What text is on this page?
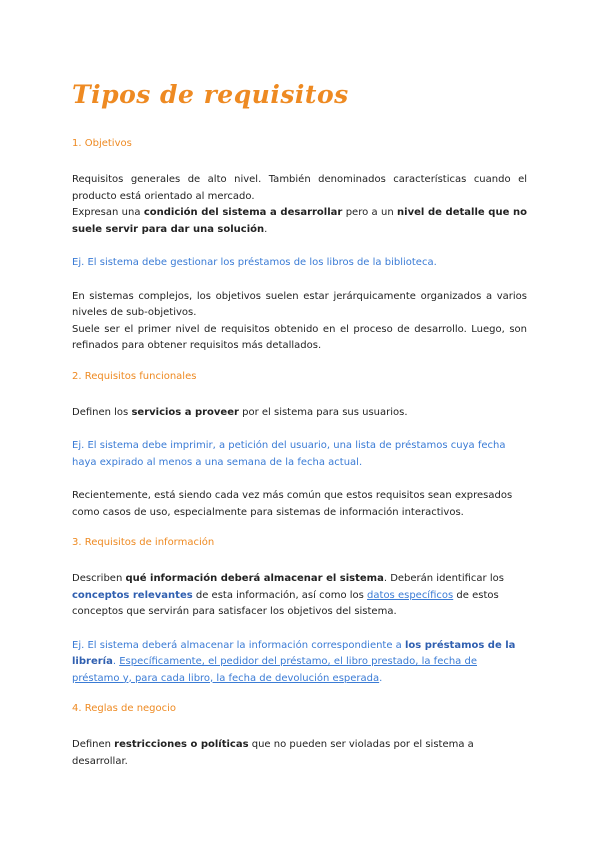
Tipos de requisitos
1. Objetivos

Requisitos generales de alto nivel. También denominados características cuando el producto está orientado al mercado.

Expresan una condición del sistema a desarrollar pero a un nivel de detalle que no suele servir para dar una solución.

Ej. El sistema debe gestionar los préstamos de los libros de la biblioteca.

En sistemas complejos, los objetivos suelen estar jerárquicamente organizados a varios niveles de sub-objetivos.

Suele ser el primer nivel de requisitos obtenido en el proceso de desarrollo. Luego, son refinados para obtener requisitos más detallados.

2. Requisitos funcionales

Definen los servicios a proveer por el sistema para sus usuarios.

Ej. El sistema debe imprimir, a petición del usuario, una lista de préstamos cuya fecha haya expirado al menos a una semana de la fecha actual.

Recientemente, está siendo cada vez más común que estos requisitos sean expresados como casos de uso, especialmente para sistemas de información interactivos.

3. Requisitos de información

Describen qué información deberá almacenar el sistema. Deberán identificar los conceptos relevantes de esta información, así como los datos específicos de estos conceptos que servirán para satisfacer los objetivos del sistema.

Ej. El sistema deberá almacenar la información correspondiente a los préstamos de la librería. Específicamente, el pedidor del préstamo, el libro prestado, la fecha de préstamo y, para cada libro, la fecha de devolución esperada.

4. Reglas de negocio

Definen restricciones o políticas que no pueden ser violadas por el sistema a desarrollar.
